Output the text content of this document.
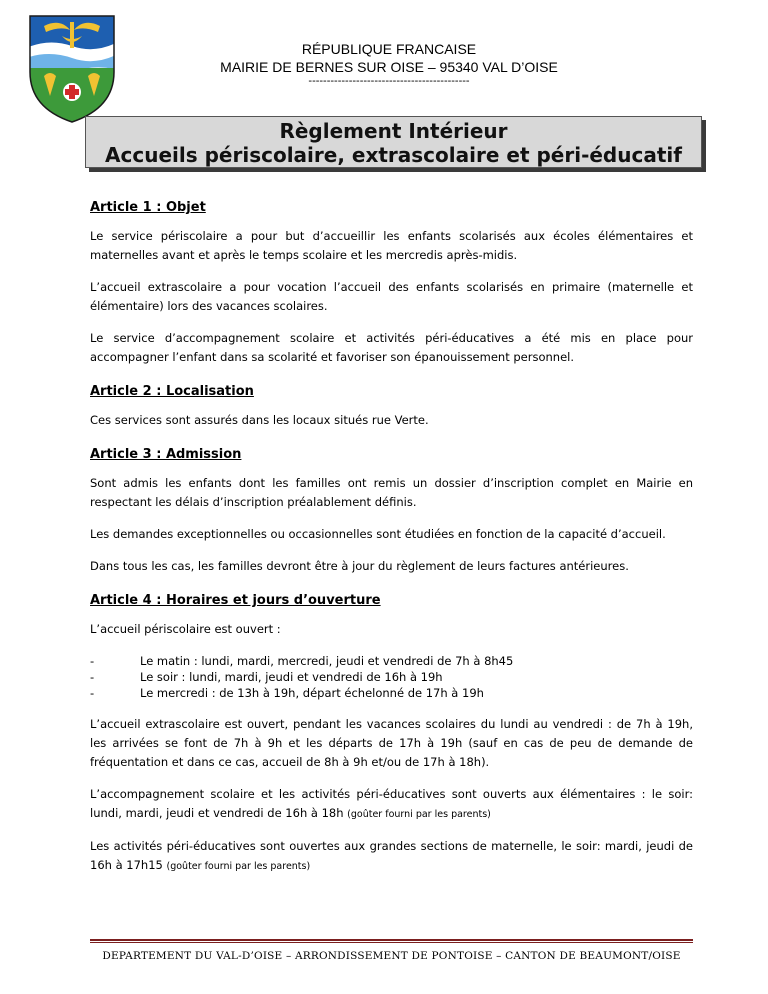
RÉPUBLIQUE FRANCAISE
MAIRIE DE BERNES SUR OISE – 95340 VAL D’OISE
--------------------------------------------
Règlement Intérieur
Accueils périscolaire, extrascolaire et péri-éducatif
Article 1 : Objet
Le service périscolaire a pour but d’accueillir les enfants scolarisés aux écoles élémentaires et maternelles avant et après le temps scolaire et les mercredis après-midis.
L’accueil extrascolaire a pour vocation l’accueil des enfants scolarisés en primaire (maternelle et élémentaire) lors des vacances scolaires.
Le service d’accompagnement scolaire et activités péri-éducatives a été mis en place pour accompagner l’enfant dans sa scolarité et favoriser son épanouissement personnel.
Article 2 : Localisation
Ces services sont assurés dans les locaux situés rue Verte.
Article 3 : Admission
Sont admis les enfants dont les familles ont remis un dossier d’inscription complet en Mairie en respectant les délais d’inscription préalablement définis.
Les demandes exceptionnelles ou occasionnelles sont étudiées en fonction de la capacité d’accueil.
Dans tous les cas, les familles devront être à jour du règlement de leurs factures antérieures.
Article 4 : Horaires et jours d’ouverture
L’accueil périscolaire est ouvert :
- Le matin : lundi, mardi, mercredi, jeudi et vendredi de 7h à 8h45
- Le soir : lundi, mardi, jeudi et vendredi de 16h à 19h
- Le mercredi : de 13h à 19h, départ échelonné de 17h à 19h
L’accueil extrascolaire est ouvert, pendant les vacances scolaires du lundi au vendredi : de 7h à 19h, les arrivées se font de 7h à 9h et les départs de 17h à 19h (sauf en cas de peu de demande de fréquentation et dans ce cas, accueil de 8h à 9h et/ou de 17h à 18h).
L’accompagnement scolaire et les activités péri-éducatives sont ouverts aux élémentaires : le soir: lundi, mardi, jeudi et vendredi de 16h à 18h (goûter fourni par les parents)
Les activités péri-éducatives sont ouvertes aux grandes sections de maternelle, le soir: mardi, jeudi de 16h à 17h15 (goûter fourni par les parents)
DEPARTEMENT DU VAL-D’OISE – ARRONDISSEMENT DE PONTOISE – CANTON DE BEAUMONT/OISE
